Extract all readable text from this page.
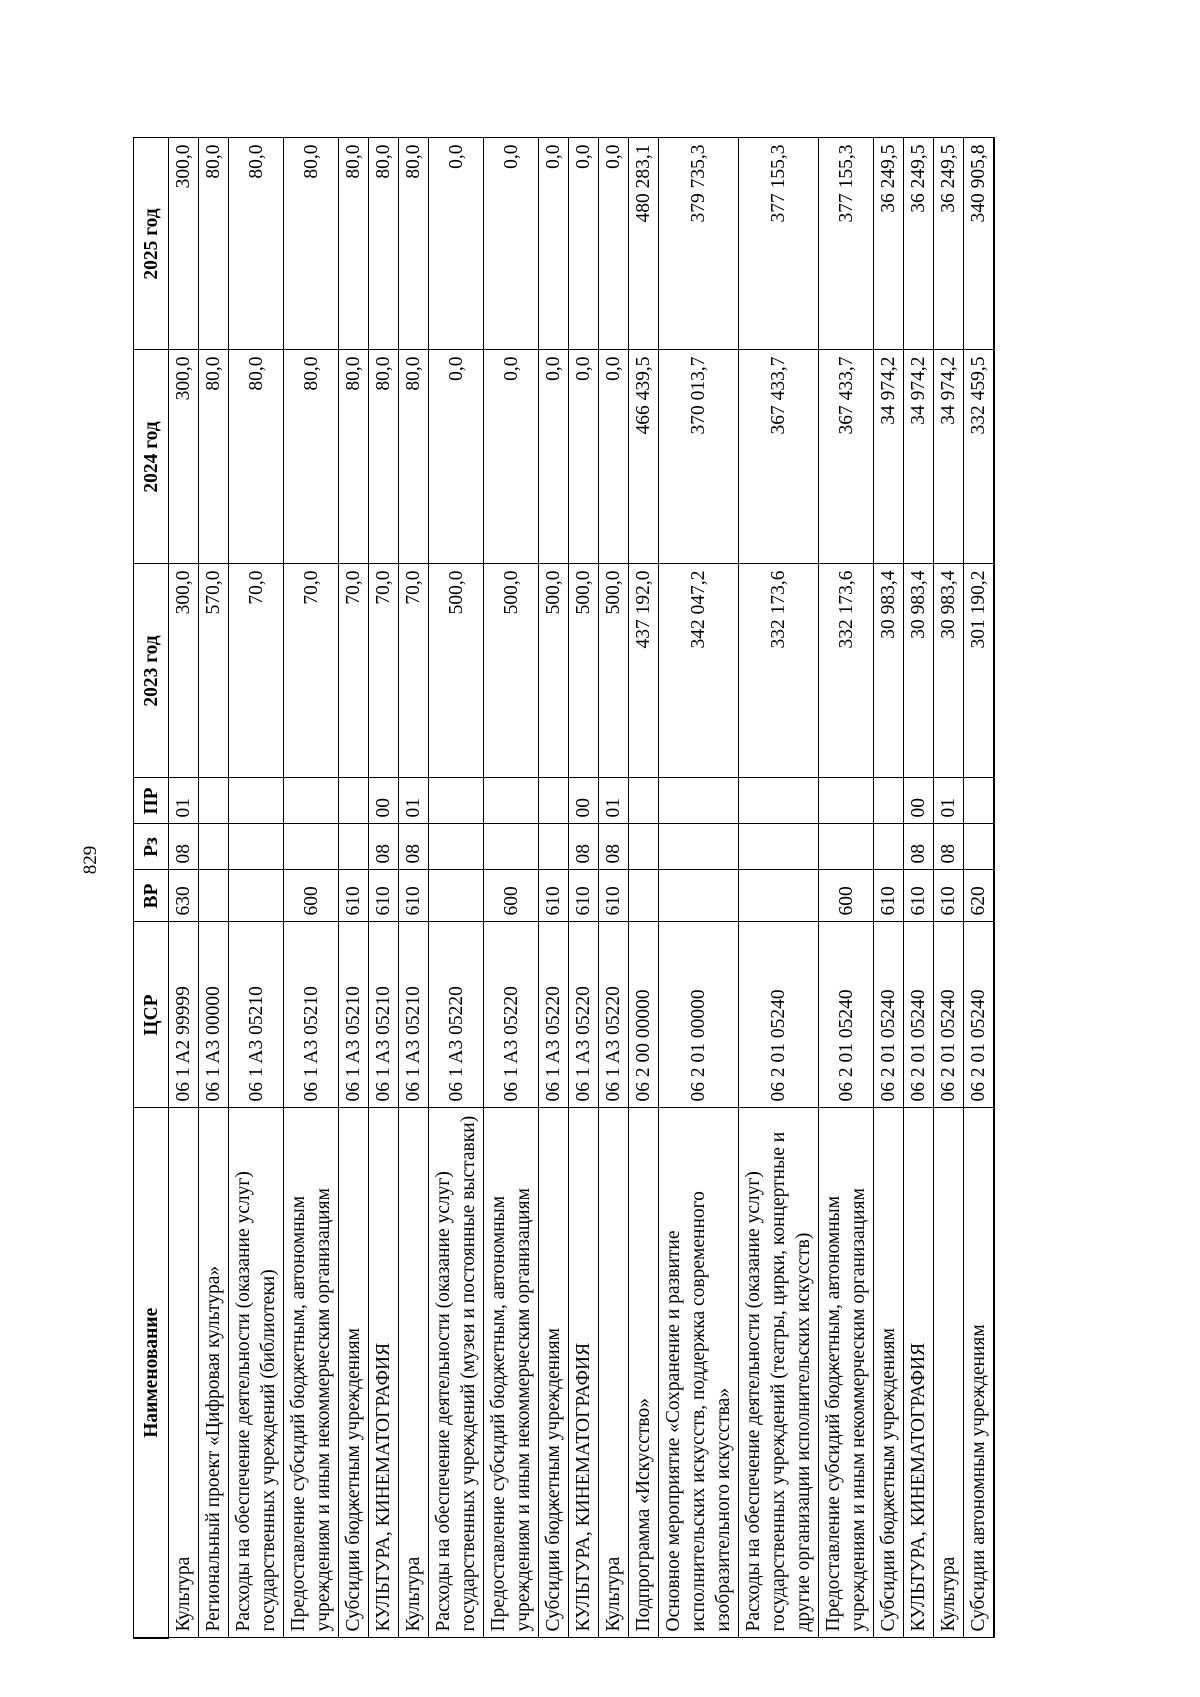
829
Наименование	ЦСР	ВР	Рз	ПР	2023 год	2024 год	2025 год
Культура	06 1 A2 99999	630	08	01	300,0	300,0	300,0
Региональный проект «Цифровая культура»	06 1 A3 00000				570,0	80,0	80,0
Расходы на обеспечение деятельности (оказание услуг) государственных учреждений (библиотеки)	06 1 A3 05210				70,0	80,0	80,0
Предоставление субсидий бюджетным, автономным учреждениям и иным некоммерческим организациям	06 1 A3 05210	600			70,0	80,0	80,0
Субсидии бюджетным учреждениям	06 1 A3 05210	610			70,0	80,0	80,0
КУЛЬТУРА, КИНЕМАТОГРАФИЯ	06 1 A3 05210	610	08	00	70,0	80,0	80,0
Культура	06 1 A3 05210	610	08	01	70,0	80,0	80,0
Расходы на обеспечение деятельности (оказание услуг) государственных учреждений (музеи и постоянные выставки)	06 1 A3 05220				500,0	0,0	0,0
Предоставление субсидий бюджетным, автономным учреждениям и иным некоммерческим организациям	06 1 A3 05220	600			500,0	0,0	0,0
Субсидии бюджетным учреждениям	06 1 A3 05220	610			500,0	0,0	0,0
КУЛЬТУРА, КИНЕМАТОГРАФИЯ	06 1 A3 05220	610	08	00	500,0	0,0	0,0
Культура	06 1 A3 05220	610	08	01	500,0	0,0	0,0
Подпрограмма «Искусство»	06 2 00 00000				437 192,0	466 439,5	480 283,1
Основное мероприятие «Сохранение и развитие исполнительских искусств, поддержка современного изобразительного искусства»	06 2 01 00000				342 047,2	370 013,7	379 735,3
Расходы на обеспечение деятельности (оказание услуг) государственных учреждений (театры, цирки, концертные и другие организации исполнительских искусств)	06 2 01 05240				332 173,6	367 433,7	377 155,3
Предоставление субсидий бюджетным, автономным учреждениям и иным некоммерческим организациям	06 2 01 05240	600			332 173,6	367 433,7	377 155,3
Субсидии бюджетным учреждениям	06 2 01 05240	610			30 983,4	34 974,2	36 249,5
КУЛЬТУРА, КИНЕМАТОГРАФИЯ	06 2 01 05240	610	08	00	30 983,4	34 974,2	36 249,5
Культура	06 2 01 05240	610	08	01	30 983,4	34 974,2	36 249,5
Субсидии автономным учреждениям	06 2 01 05240	620			301 190,2	332 459,5	340 905,8
